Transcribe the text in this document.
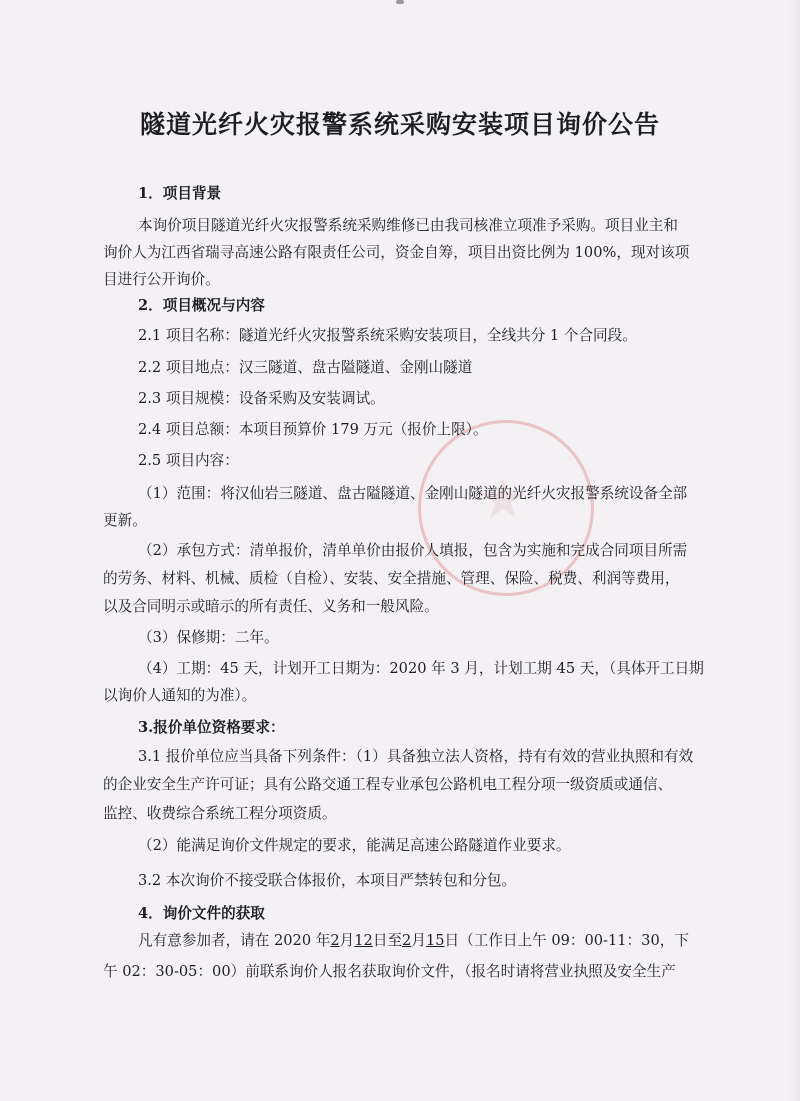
隧道光纤火灾报警系统采购安装项目询价公告
1．项目背景
本询价项目隧道光纤火灾报警系统采购维修已由我司核准立项准予采购。项目业主和
询价人为江西省瑞寻高速公路有限责任公司，资金自筹，项目出资比例为 100%，现对该项
目进行公开询价。
2．项目概况与内容
2.1 项目名称：隧道光纤火灾报警系统采购安装项目，全线共分 1 个合同段。
2.2 项目地点：汉三隧道、盘古隘隧道、金刚山隧道
2.3 项目规模：设备采购及安装调试。
2.4 项目总额：本项目预算价 179 万元（报价上限）。
2.5 项目内容：
（1）范围：将汉仙岩三隧道、盘古隘隧道、金刚山隧道的光纤火灾报警系统设备全部
更新。
（2）承包方式：清单报价，清单单价由报价人填报，包含为实施和完成合同项目所需
的劳务、材料、机械、质检（自检）、安装、安全措施、管理、保险、税费、利润等费用，
以及合同明示或暗示的所有责任、义务和一般风险。
（3）保修期：二年。
（4）工期：45 天，计划开工日期为：2020 年 3 月，计划工期 45 天，（具体开工日期
以询价人通知的为准）。
3.报价单位资格要求：
3.1 报价单位应当具备下列条件：（1）具备独立法人资格，持有有效的营业执照和有效
的企业安全生产许可证；具有公路交通工程专业承包公路机电工程分项一级资质或通信、
监控、收费综合系统工程分项资质。
（2）能满足询价文件规定的要求，能满足高速公路隧道作业要求。
3.2 本次询价不接受联合体报价，本项目严禁转包和分包。
4．询价文件的获取
凡有意参加者，请在 2020 年2月12日至2月15日（工作日上午 09：00-11：30，下
午 02：30-05：00）前联系询价人报名获取询价文件，（报名时请将营业执照及安全生产
